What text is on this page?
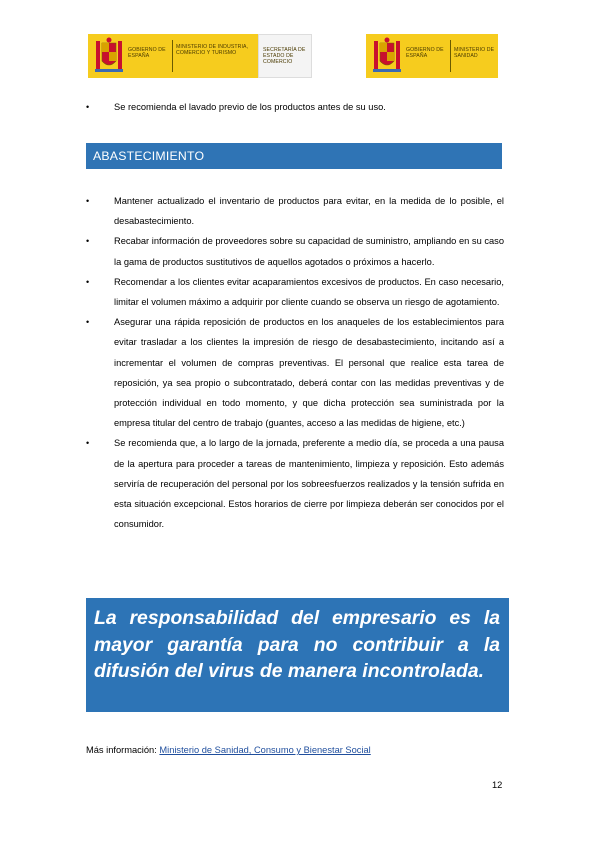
GOBIERNO DE ESPAÑA
MINISTERIO DE INDUSTRIA, COMERCIO Y TURISMO	SECRETARÍA DE ESTADO DE COMERCIO
GOBIERNO DE ESPAÑA
MINISTERIO DE SANIDAD
•	Se recomienda el lavado previo de los productos antes de su uso.
ABASTECIMIENTO
•	Mantener actualizado el inventario de productos para evitar, en la medida de lo posible, el desabastecimiento.
•	Recabar información de proveedores sobre su capacidad de suministro, ampliando en su caso la gama de productos sustitutivos de aquellos agotados o próximos a hacerlo.
•	Recomendar a los clientes evitar acaparamientos excesivos de productos. En caso necesario, limitar el volumen máximo a adquirir por cliente cuando se observa un riesgo de agotamiento.
•	Asegurar una rápida reposición de productos en los anaqueles de los establecimientos para evitar trasladar a los clientes la impresión de riesgo de desabastecimiento, incitando así a incrementar el volumen de compras preventivas. El personal que realice esta tarea de reposición, ya sea propio o subcontratado, deberá contar con las medidas preventivas y de protección individual en todo momento, y que dicha protección sea suministrada por la empresa titular del centro de trabajo (guantes, acceso a las medidas de higiene, etc.)
•	Se recomienda que, a lo largo de la jornada, preferente a medio día, se proceda a una pausa de la apertura para proceder a tareas de mantenimiento, limpieza y reposición. Esto además serviría de recuperación del personal por los sobreesfuerzos realizados y la tensión sufrida en esta situación excepcional. Estos horarios de cierre por limpieza deberán ser conocidos por el consumidor.

La responsabilidad del empresario es la mayor garantía para no contribuir a la difusión del virus de manera incontrolada.

Más información: Ministerio de Sanidad, Consumo y Bienestar Social
12
